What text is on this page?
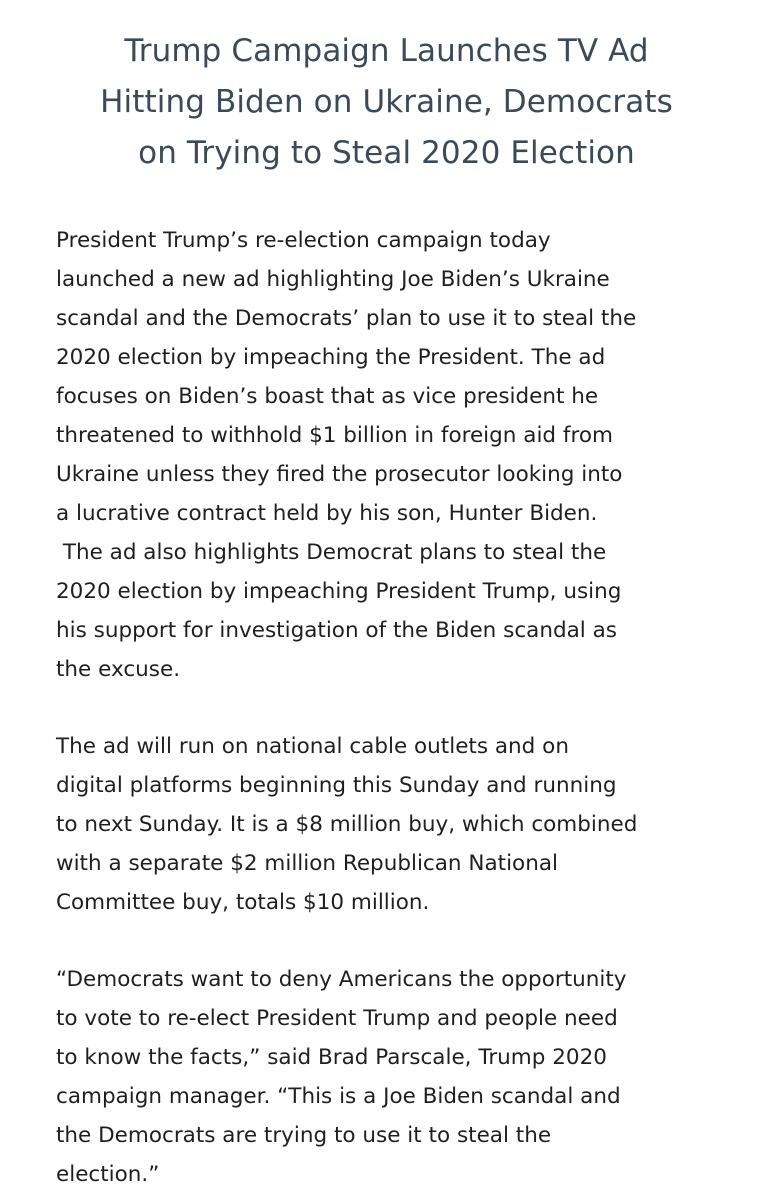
Trump Campaign Launches TV Ad
Hitting Biden on Ukraine, Democrats
on Trying to Steal 2020 Election

President Trump’s re-election campaign today
launched a new ad highlighting Joe Biden’s Ukraine
scandal and the Democrats’ plan to use it to steal the
2020 election by impeaching the President. The ad
focuses on Biden’s boast that as vice president he
threatened to withhold $1 billion in foreign aid from
Ukraine unless they fired the prosecutor looking into
a lucrative contract held by his son, Hunter Biden.
The ad also highlights Democrat plans to steal the
2020 election by impeaching President Trump, using
his support for investigation of the Biden scandal as
the excuse.

The ad will run on national cable outlets and on
digital platforms beginning this Sunday and running
to next Sunday. It is a $8 million buy, which combined
with a separate $2 million Republican National
Committee buy, totals $10 million.

“Democrats want to deny Americans the opportunity
to vote to re-elect President Trump and people need
to know the facts,” said Brad Parscale, Trump 2020
campaign manager. “This is a Joe Biden scandal and
the Democrats are trying to use it to steal the
election.”
